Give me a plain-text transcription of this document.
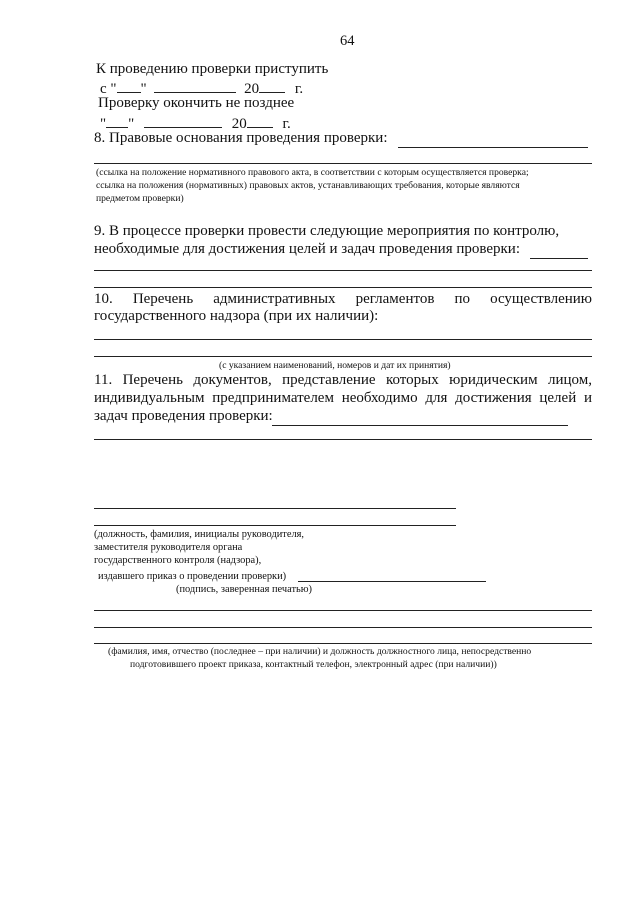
64
К проведению проверки приступить
с " "	20 г.
Проверку окончить не позднее
" "	20 г.
8. Правовые основания проведения проверки:
(ссылка на положение нормативного правового акта, в соответствии с которым осуществляется проверка;
ссылка на положения (нормативных) правовых актов, устанавливающих требования, которые являются
предметом проверки)
9. В процессе проверки провести следующие мероприятия по контролю,
необходимые для достижения целей и задач проведения проверки:
10. Перечень административных регламентов по осуществлению
государственного надзора (при их наличии):
(с указанием наименований, номеров и дат их принятия)
11. Перечень документов, представление которых юридическим лицом,
индивидуальным предпринимателем необходимо для достижения целей и
задач проведения проверки:
(должность, фамилия, инициалы руководителя,
заместителя руководителя органа
государственного контроля (надзора),
издавшего приказ о проведении проверки)
(подпись, заверенная печатью)
(фамилия, имя, отчество (последнее – при наличии) и должность должностного лица, непосредственно
подготовившего проект приказа, контактный телефон, электронный адрес (при наличии))
